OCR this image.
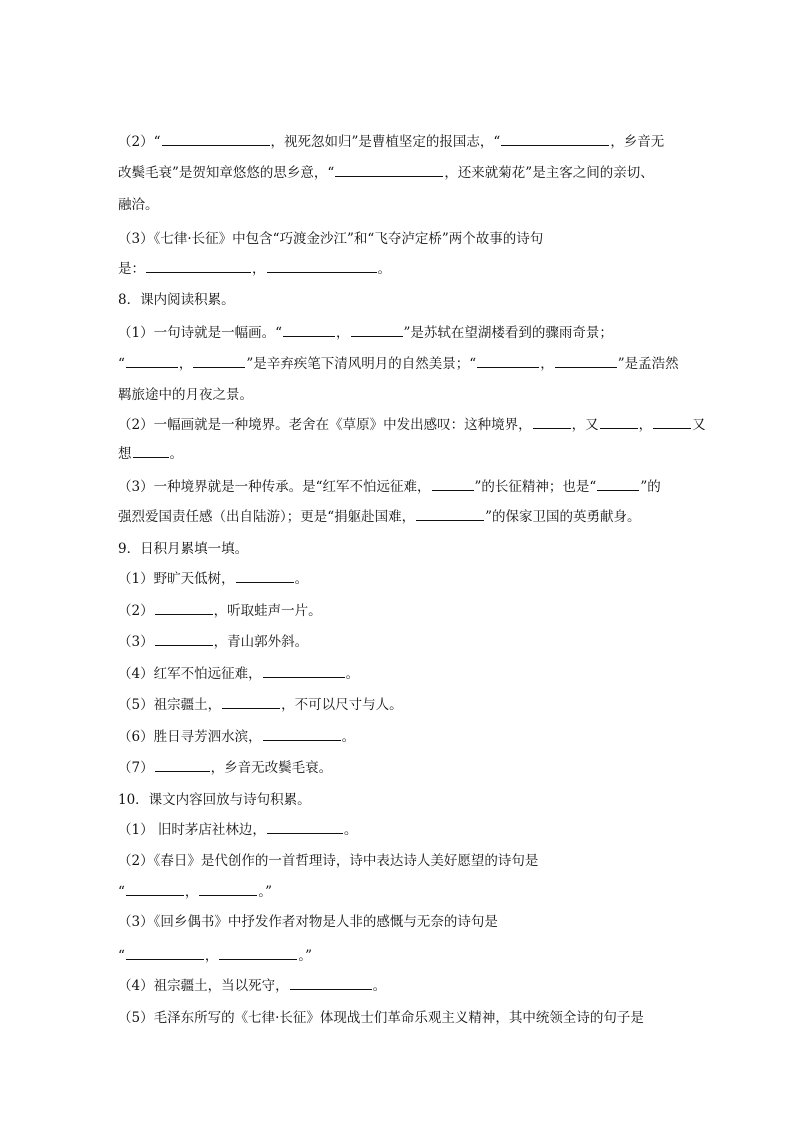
（2）“	，视死忽如归”是曹植坚定的报国志，“	，乡音无
改鬓毛衰”是贺知章悠悠的思乡意，“	，还来就菊花”是主客之间的亲切、
融洽。
（3）《七律·长征》中包含“巧渡金沙江”和“飞夺泸定桥”两个故事的诗句
是：	，	。
8．课内阅读积累。
（1）一句诗就是一幅画。“	，	”是苏轼在望湖楼看到的骤雨奇景；
“	，	”是辛弃疾笔下清风明月的自然美景；“	，	”是孟浩然
羁旅途中的月夜之景。
（2）一幅画就是一种境界。老舍在《草原》中发出感叹：这种境界，	，又	，	又
想	。
（3）一种境界就是一种传承。是“红军不怕远征难，	”的长征精神；也是“	”的
强烈爱国责任感（出自陆游）；更是“捐躯赴国难，	”的保家卫国的英勇献身。
9．日积月累填一填。
（1）野旷天低树，	。
（2）	，听取蛙声一片。
（3）	，青山郭外斜。
（4）红军不怕远征难，	。
（5）祖宗疆土，	，不可以尺寸与人。
（6）胜日寻芳泗水滨，	。
（7）	，乡音无改鬓毛衰。
10．课文内容回放与诗句积累。
（1） 旧时茅店社林边，	。
（2）《春日》是代创作的一首哲理诗，诗中表达诗人美好愿望的诗句是
“	，	。”
（3）《回乡偶书》中抒发作者对物是人非的感慨与无奈的诗句是
“	，	。”
（4）祖宗疆土，当以死守，	。
（5）毛泽东所写的《七律·长征》体现战士们革命乐观主义精神，其中统领全诗的句子是
